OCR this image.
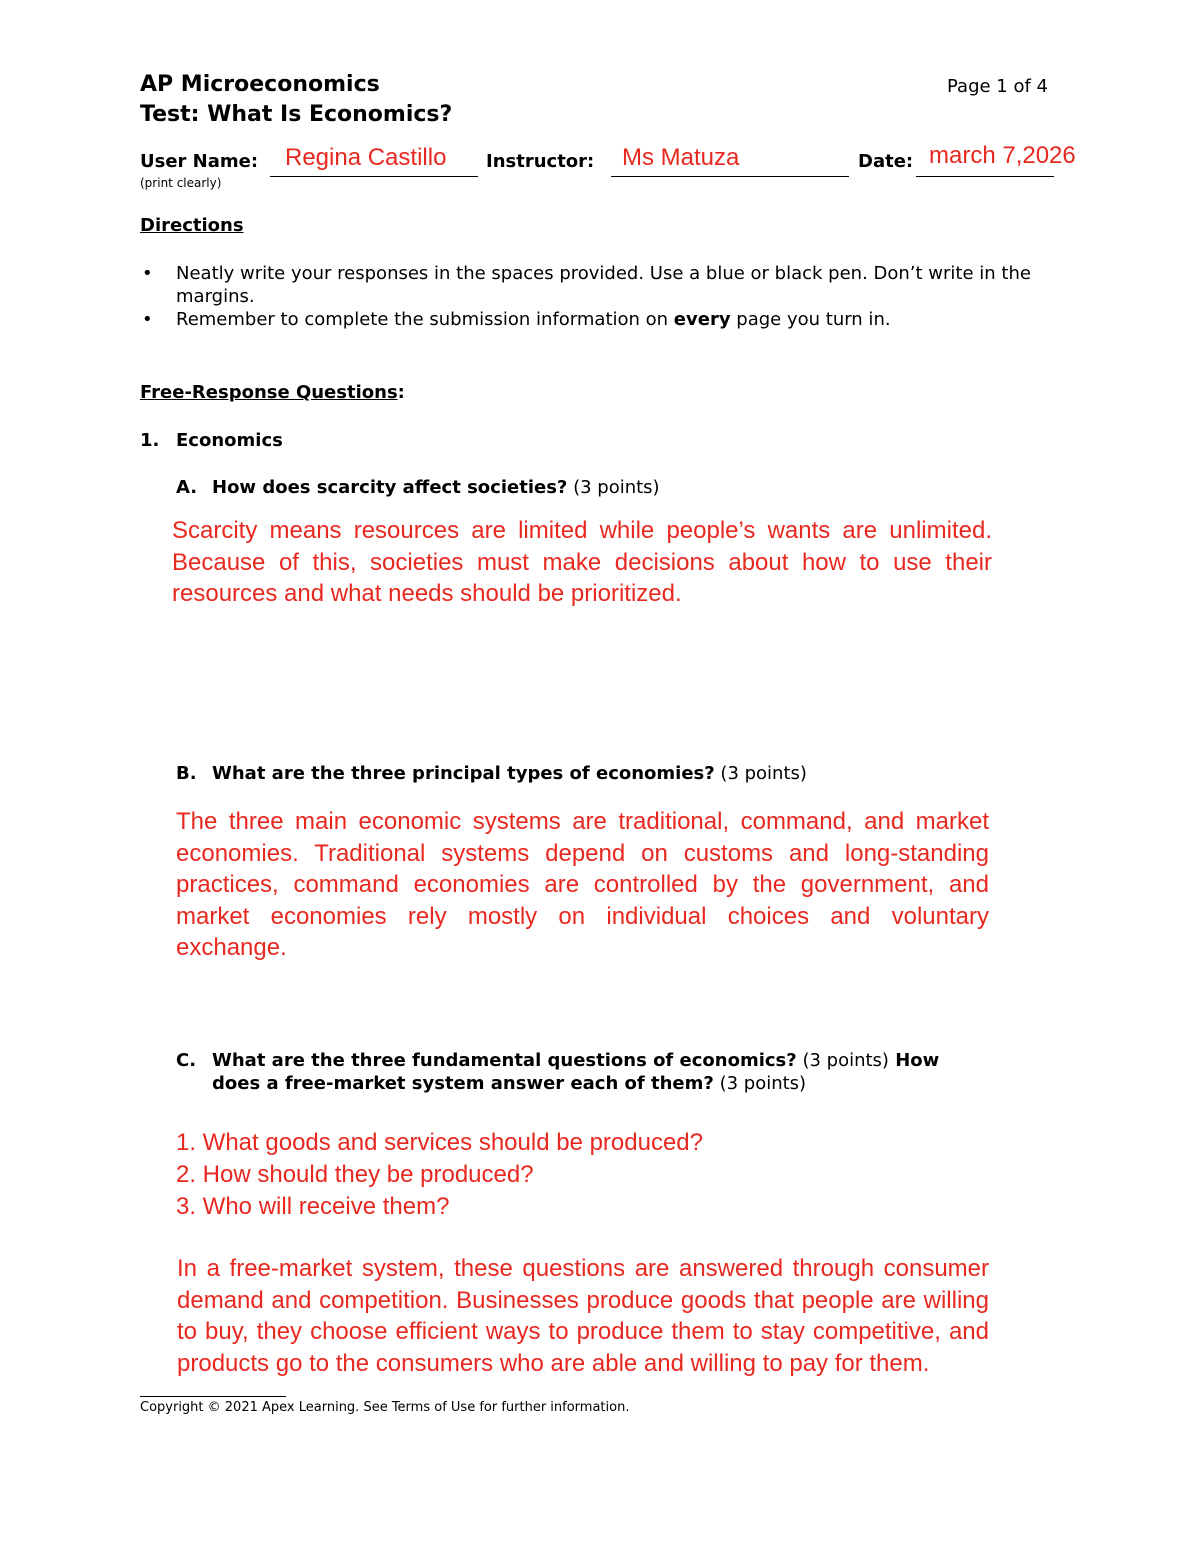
AP Microeconomics	Page 1 of 4
Test: What Is Economics?
User Name: Regina Castillo Instructor: Ms Matuza	Date: march 7,2026
(print clearly)
Directions
• Neatly write your responses in the spaces provided. Use a blue or black pen. Don’t write in the margins.
• Remember to complete the submission information on every page you turn in.
Free-Response Questions:
1. Economics
A. How does scarcity affect societies? (3 points)
Scarcity means resources are limited while people’s wants are unlimited. Because of this, societies must make decisions about how to use their resources and what needs should be prioritized.
B. What are the three principal types of economies? (3 points)
The three main economic systems are traditional, command, and market economies. Traditional systems depend on customs and long-standing practices, command economies are controlled by the government, and market economies rely mostly on individual choices and voluntary exchange.
C. What are the three fundamental questions of economics? (3 points) How
does a free-market system answer each of them? (3 points)
1. What goods and services should be produced?
2. How should they be produced?
3. Who will receive them?
In a free-market system, these questions are answered through consumer demand and competition. Businesses produce goods that people are willing to buy, they choose efficient ways to produce them to stay competitive, and products go to the consumers who are able and willing to pay for them.
Copyright © 2021 Apex Learning. See Terms of Use for further information.
